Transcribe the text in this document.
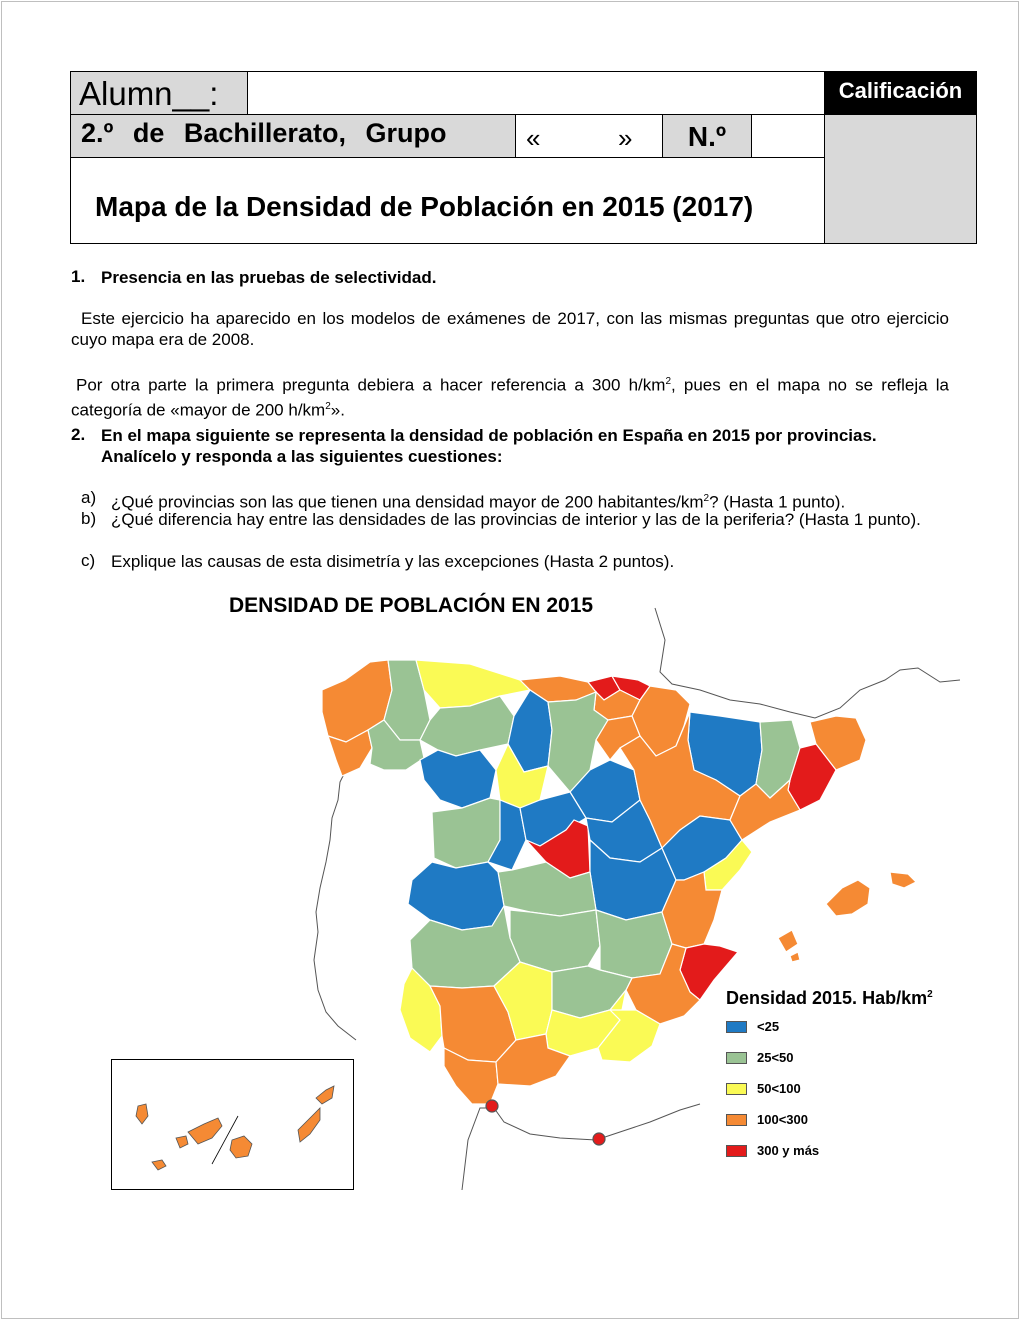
Alumn__:	Calificación
2.º de Bachillerato, Grupo	«	»	N.º
Mapa de la Densidad de Población en 2015 (2017)
1. Presencia en las pruebas de selectividad.
Este ejercicio ha aparecido en los modelos de exámenes de 2017, con las mismas preguntas que otro ejercicio cuyo mapa era de 2008.
Por otra parte la primera pregunta debiera a hacer referencia a 300 $h/km^2$, pues en el mapa no se refleja la categoría de «mayor de 200 $h/km^2$».
2. En el mapa siguiente se representa la densidad de población en España en 2015 por provincias. Analícelo y responda a las siguientes cuestiones:
a) ¿Qué provincias son las que tienen una densidad mayor de 200 habitantes/$km^2$? (Hasta 1 punto).
b) ¿Qué diferencia hay entre las densidades de las provincias de interior y las de la periferia? (Hasta 1 punto).
c) Explique las causas de esta disimetría y las excepciones (Hasta 2 puntos).
DENSIDAD DE POBLACIÓN EN 2015
Densidad 2015. Hab/$km^2$
<25
25<50
50<100
100<300
300 y más
